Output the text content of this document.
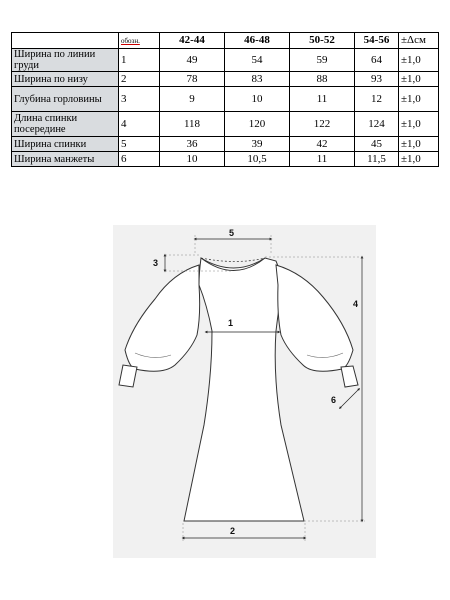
	обозн.	42-44	46-48	50-52	54-56	±Δсм
Ширина по линии груди	1	49	54	59	64	±1,0
Ширина по низу	2	78	83	88	93	±1,0
Глубина горловины	3	9	10	11	12	±1,0
Длина спинки посередине	4	118	120	122	124	±1,0
Ширина спинки	5	36	39	42	45	±1,0
Ширина манжеты	6	10	10,5	11	11,5	±1,0
5
3
1
4
6
2
